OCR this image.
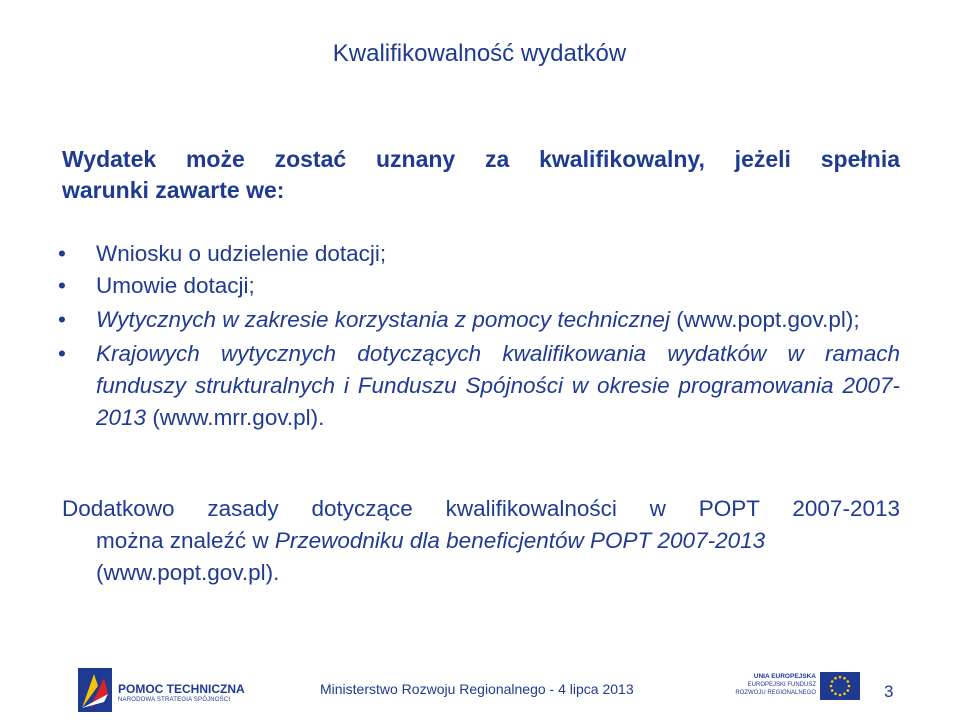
Kwalifikowalność wydatków
Wydatek może zostać uznany za kwalifikowalny, jeżeli spełnia
warunki zawarte we:
• Wniosku o udzielenie dotacji;
• Umowie dotacji;
• Wytycznych w zakresie korzystania z pomocy technicznej (www.popt.gov.pl);
• Krajowych wytycznych dotyczących kwalifikowania wydatków w ramach funduszy strukturalnych i Funduszu Spójności w okresie programowania 2007-2013 (www.mrr.gov.pl).
Dodatkowo zasady dotyczące kwalifikowalności w POPT 2007-2013
można znaleźć w Przewodniku dla beneficjentów POPT 2007-2013
(www.popt.gov.pl).
POMOC TECHNICZNA
NARODOWA STRATEGIA SPÓJNOŚCI
Ministerstwo Rozwoju Regionalnego - 4 lipca 2013
UNIA EUROPEJSKA
EUROPEJSKI FUNDUSZ
ROZWOJU REGIONALNEGO	3
